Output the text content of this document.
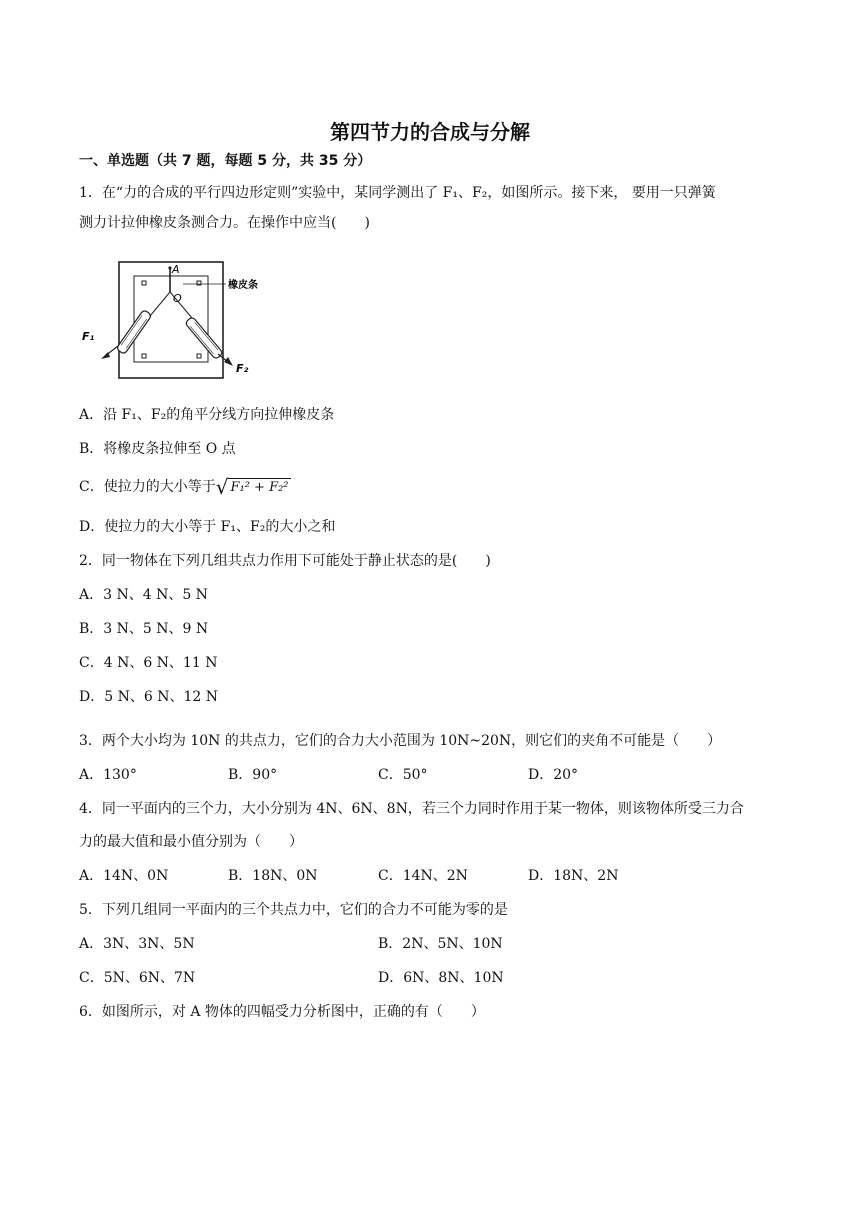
第四节力的合成与分解
一、单选题（共 7 题，每题 5 分，共 35 分）
1．在“力的合成的平行四边形定则”实验中，某同学测出了 F₁、F₂，如图所示。接下来， 要用一只弹簧
测力计拉伸橡皮条测合力。在操作中应当(　　)
A
O
橡皮条
F₁
F₂
A．沿 F₁、F₂的角平分线方向拉伸橡皮条
B．将橡皮条拉伸至 O 点
C．使拉力的大小等于 √ F₁² + F₂²
D．使拉力的大小等于 F₁、F₂的大小之和
2．同一物体在下列几组共点力作用下可能处于静止状态的是(　　)
A．3 N、4 N、5 N
B．3 N、5 N、9 N
C．4 N、6 N、11 N
D．5 N、6 N、12 N
3．两个大小均为 10N 的共点力，它们的合力大小范围为 10N~20N，则它们的夹角不可能是（　　）
A．130°	B．90°	C．50°	D．20°
4．同一平面内的三个力，大小分别为 4N、6N、8N，若三个力同时作用于某一物体，则该物体所受三力合
力的最大值和最小值分别为（　　）
A．14N、0N	B．18N、0N	C．14N、2N	D．18N、2N
5．下列几组同一平面内的三个共点力中，它们的合力不可能为零的是
A．3N、3N、5N	B．2N、5N、10N
C．5N、6N、7N	D．6N、8N、10N
6．如图所示，对 A 物体的四幅受力分析图中，正确的有（　　）
